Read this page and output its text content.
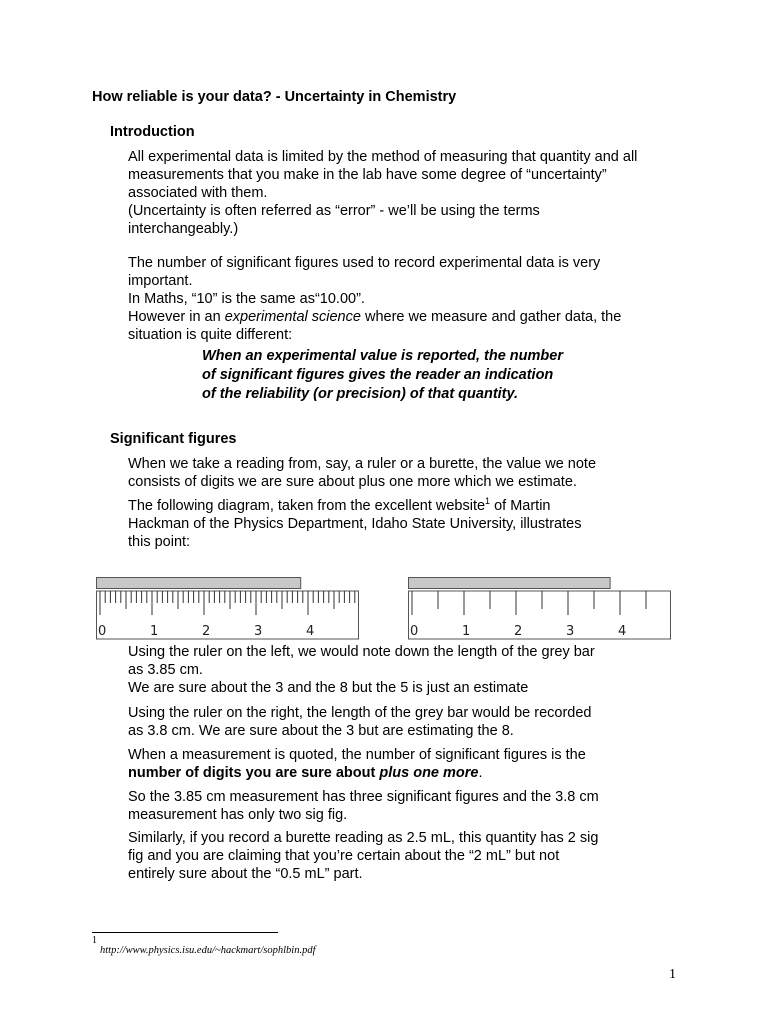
How reliable is your data? - Uncertainty in Chemistry
Introduction
All experimental data is limited by the method of measuring that quantity and all
measurements that you make in the lab have some degree of “uncertainty”
associated with them.
(Uncertainty is often referred as “error” - we’ll be using the terms
interchangeably.)
The number of significant figures used to record experimental data is very
important.
In Maths, “10” is the same as“10.00”.
However in an experimental science where we measure and gather data, the
situation is quite different:
When an experimental value is reported, the number
of significant figures gives the reader an indication
of the reliability (or precision) of that quantity.
Significant figures
When we take a reading from, say, a ruler or a burette, the value we note
consists of digits we are sure about plus one more which we estimate.
The following diagram, taken from the excellent website$^1$ of Martin
Hackman of the Physics Department, Idaho State University, illustrates
this point:
0	1	2	3	4	0	1	2	3	4
Using the ruler on the left, we would note down the length of the grey bar
as 3.85 cm.
We are sure about the 3 and the 8 but the 5 is just an estimate
Using the ruler on the right, the length of the grey bar would be recorded
as 3.8 cm. We are sure about the 3 but are estimating the 8.
When a measurement is quoted, the number of significant figures is the
number of digits you are sure about plus one more.
So the 3.85 cm measurement has three significant figures and the 3.8 cm
measurement has only two sig fig.
Similarly, if you record a burette reading as 2.5 mL, this quantity has 2 sig
fig and you are claiming that you’re certain about the “2 mL” but not
entirely sure about the “0.5 mL” part.
$^1_{http://www.physics.isu.edu/\sim hackmart/sophlbin.pdf}$
1
